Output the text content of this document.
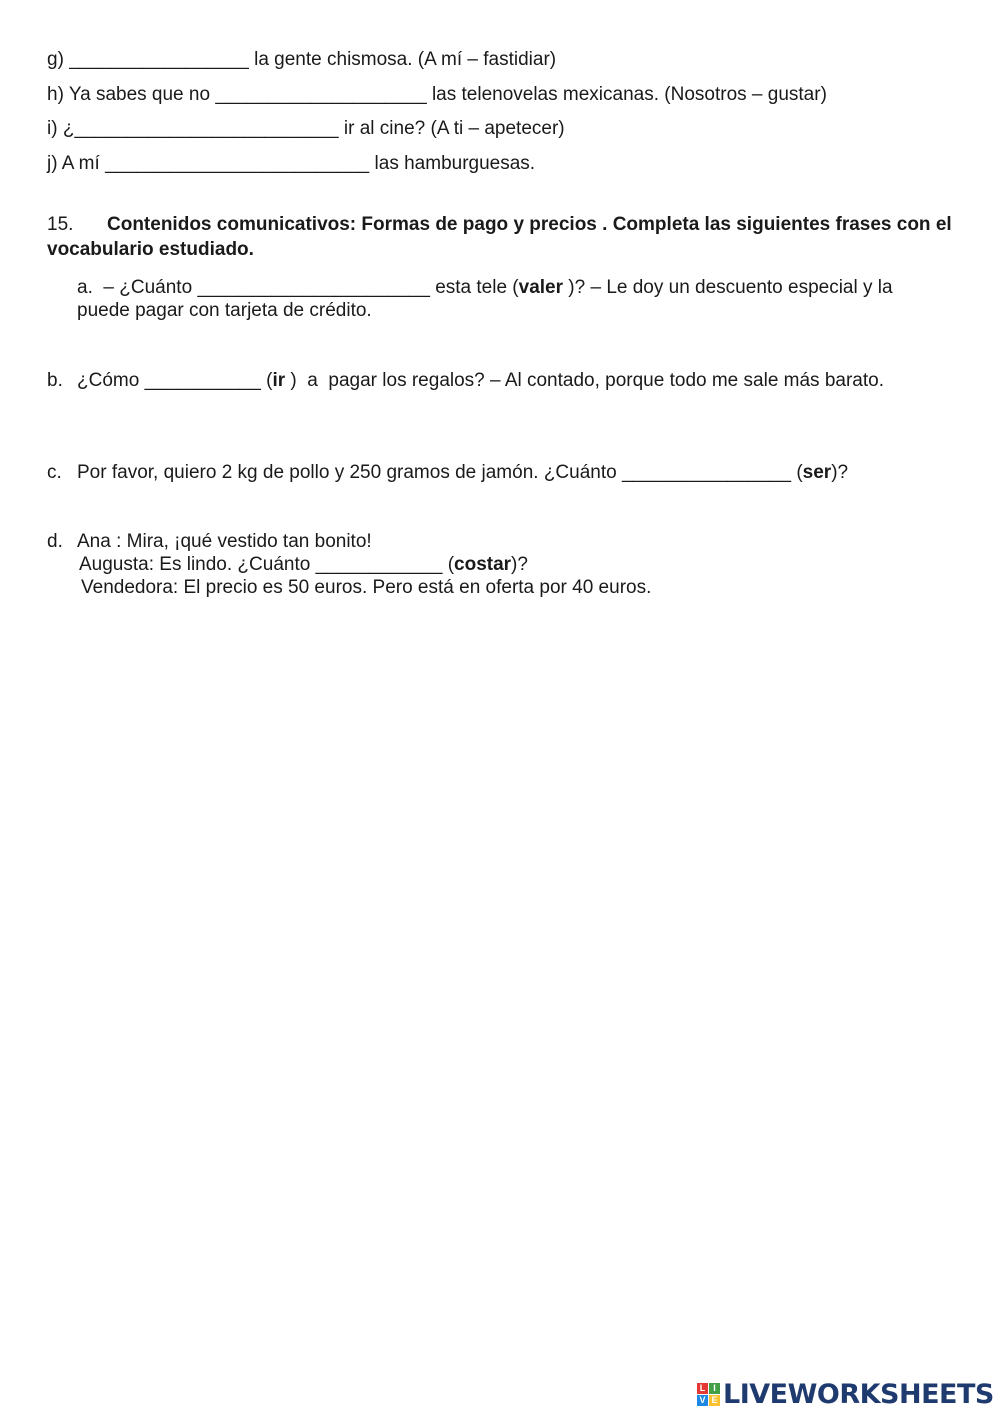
g) _________________ la gente chismosa. (A mí – fastidiar)
h) Ya sabes que no ____________________ las telenovelas mexicanas. (Nosotros – gustar)
i) ¿_________________________ ir al cine? (A ti – apetecer)
j) A mí _________________________ las hamburguesas.
15. Contenidos comunicativos: Formas de pago y precios . Completa las siguientes frases con el vocabulario estudiado.
a. – ¿Cuánto ______________________ esta tele (valer )? – Le doy un descuento especial y la
puede pagar con tarjeta de crédito.
b. ¿Cómo ___________ (ir )  a  pagar los regalos? – Al contado, porque todo me sale más barato.
c. Por favor, quiero 2 kg de pollo y 250 gramos de jamón. ¿Cuánto ________________ (ser)?
d. Ana : Mira, ¡qué vestido tan bonito!
Augusta: Es lindo. ¿Cuánto ____________ (costar)?
Vendedora: El precio es 50 euros. Pero está en oferta por 40 euros.
L I
V E LIVEWORKSHEETS
